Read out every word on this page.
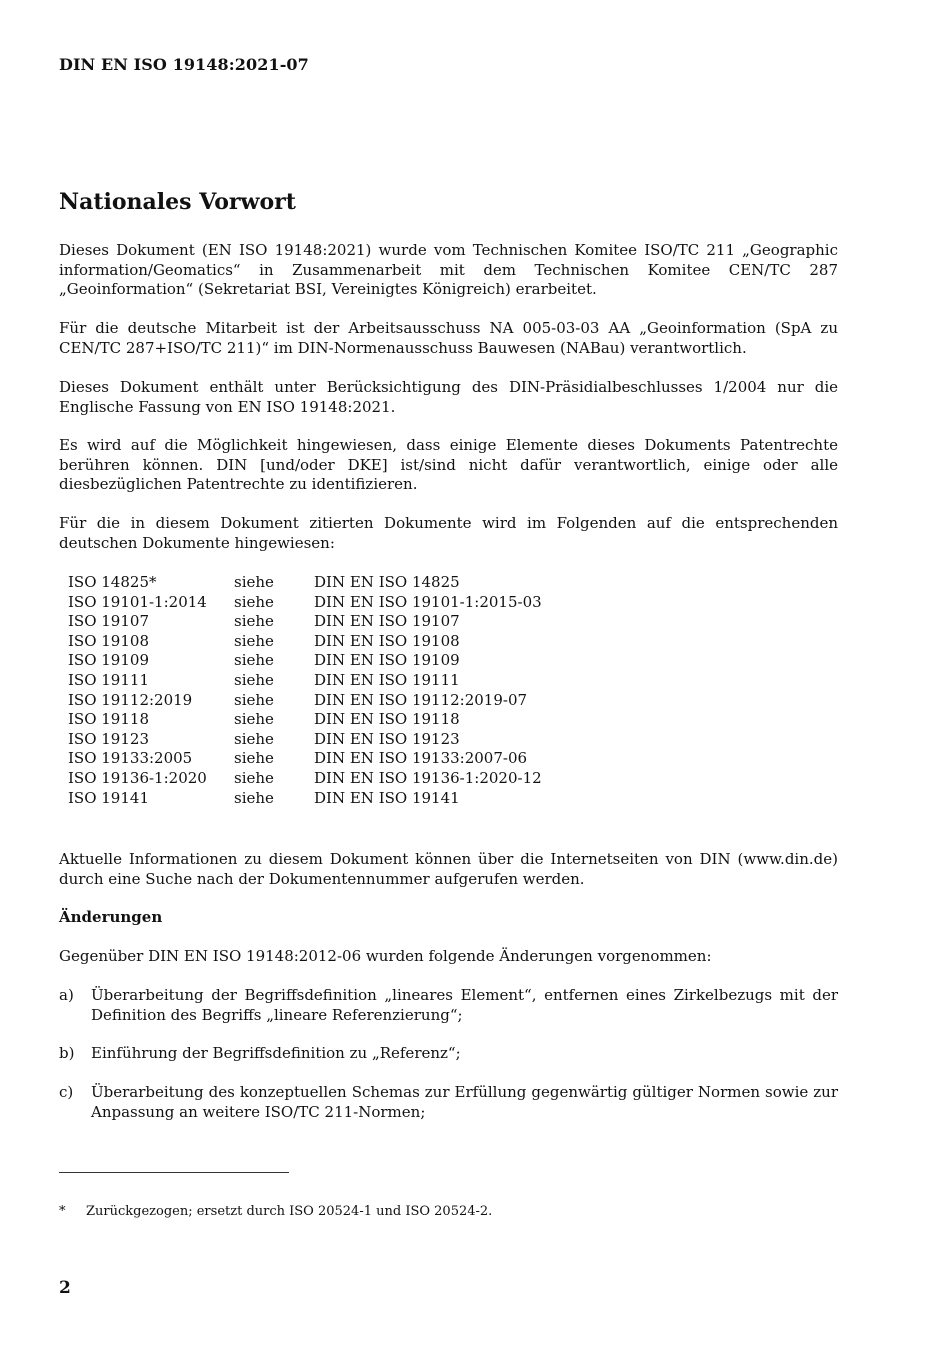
DIN EN ISO 19148:2021-07
Nationales Vorwort
Dieses Dokument (EN ISO 19148:2021) wurde vom Technischen Komitee ISO/TC 211 „Geographic information/Geomatics“ in Zusammenarbeit mit dem Technischen Komitee CEN/TC 287 „Geoinformation“ (Sekretariat BSI, Vereinigtes Königreich) erarbeitet.
Für die deutsche Mitarbeit ist der Arbeitsausschuss NA 005-03-03 AA „Geoinformation (SpA zu CEN/TC 287+ISO/TC 211)“ im DIN-Normenausschuss Bauwesen (NABau) verantwortlich.
Dieses Dokument enthält unter Berücksichtigung des DIN-Präsidialbeschlusses 1/2004 nur die Englische Fassung von EN ISO 19148:2021.
Es wird auf die Möglichkeit hingewiesen, dass einige Elemente dieses Dokuments Patentrechte berühren können. DIN [und/oder DKE] ist/sind nicht dafür verantwortlich, einige oder alle diesbezüglichen Patentrechte zu identifizieren.
Für die in diesem Dokument zitierten Dokumente wird im Folgenden auf die entsprechenden deutschen Dokumente hingewiesen:
ISO 14825*	siehe	DIN EN ISO 14825
ISO 19101-1:2014	siehe	DIN EN ISO 19101-1:2015-03
ISO 19107	siehe	DIN EN ISO 19107
ISO 19108	siehe	DIN EN ISO 19108
ISO 19109	siehe	DIN EN ISO 19109
ISO 19111	siehe	DIN EN ISO 19111
ISO 19112:2019	siehe	DIN EN ISO 19112:2019-07
ISO 19118	siehe	DIN EN ISO 19118
ISO 19123	siehe	DIN EN ISO 19123
ISO 19133:2005	siehe	DIN EN ISO 19133:2007-06
ISO 19136-1:2020	siehe	DIN EN ISO 19136-1:2020-12
ISO 19141	siehe	DIN EN ISO 19141
Aktuelle Informationen zu diesem Dokument können über die Internetseiten von DIN (www.din.de) durch eine Suche nach der Dokumentennummer aufgerufen werden.
Änderungen
Gegenüber DIN EN ISO 19148:2012-06 wurden folgende Änderungen vorgenommen:
a)	Überarbeitung der Begriffsdefinition „lineares Element“, entfernen eines Zirkelbezugs mit der Definition des Begriffs „lineare Referenzierung“;
b)	Einführung der Begriffsdefinition zu „Referenz“;
c)	Überarbeitung des konzeptuellen Schemas zur Erfüllung gegenwärtig gültiger Normen sowie zur Anpassung an weitere ISO/TC 211-Normen;
*	Zurückgezogen; ersetzt durch ISO 20524-1 und ISO 20524-2.
2
